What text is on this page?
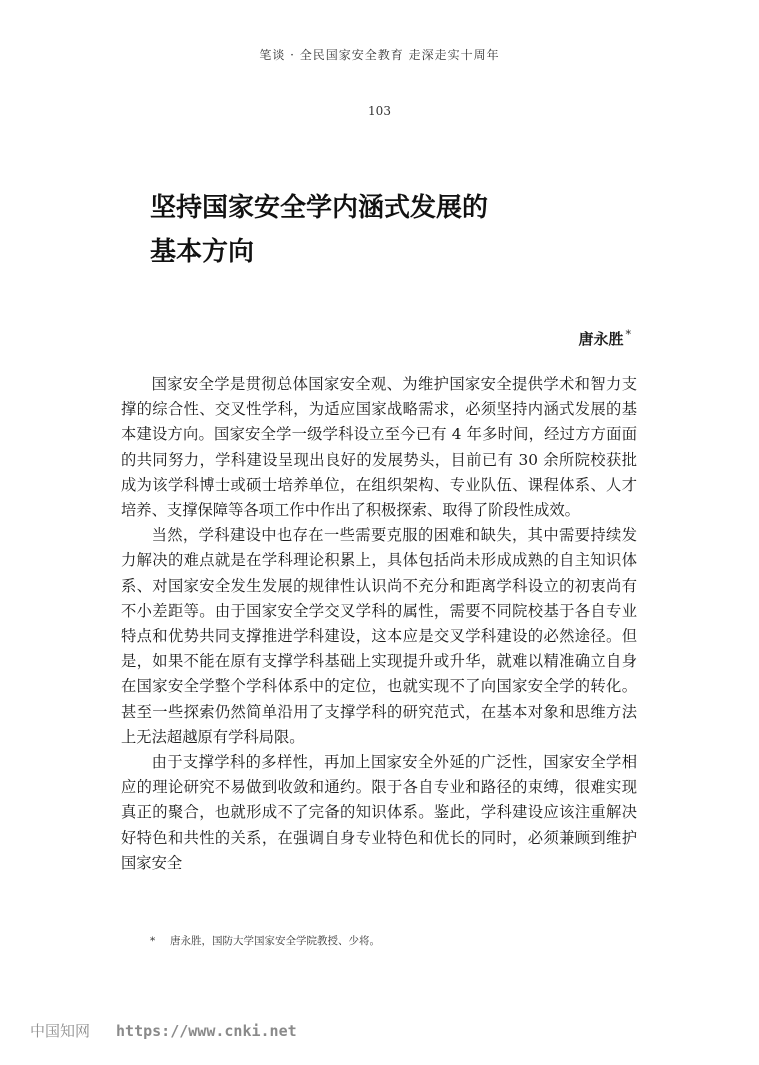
笔谈 · 全民国家安全教育 走深走实十周年
103
坚持国家安全学内涵式发展的
基本方向
唐永胜 *

国家安全学是贯彻总体国家安全观、为维护国家安全提供学术和智力支撑的综合性、交叉性学科，为适应国家战略需求，必须坚持内涵式发展的基本建设方向。国家安全学一级学科设立至今已有 4 年多时间，经过方方面面的共同努力，学科建设呈现出良好的发展势头，目前已有 30 余所院校获批成为该学科博士或硕士培养单位，在组织架构、专业队伍、课程体系、人才培养、支撑保障等各项工作中作出了积极探索、取得了阶段性成效。

当然，学科建设中也存在一些需要克服的困难和缺失，其中需要持续发力解决的难点就是在学科理论积累上，具体包括尚未形成成熟的自主知识体系、对国家安全发生发展的规律性认识尚不充分和距离学科设立的初衷尚有不小差距等。由于国家安全学交叉学科的属性，需要不同院校基于各自专业特点和优势共同支撑推进学科建设，这本应是交叉学科建设的必然途径。但是，如果不能在原有支撑学科基础上实现提升或升华，就难以精准确立自身在国家安全学整个学科体系中的定位，也就实现不了向国家安全学的转化。甚至一些探索仍然简单沿用了支撑学科的研究范式，在基本对象和思维方法上无法超越原有学科局限。

由于支撑学科的多样性，再加上国家安全外延的广泛性，国家安全学相应的理论研究不易做到收敛和通约。限于各自专业和路径的束缚，很难实现真正的聚合，也就形成不了完备的知识体系。鉴此，学科建设应该注重解决好特色和共性的关系，在强调自身专业特色和优长的同时，必须兼顾到维护国家安全

* 唐永胜，国防大学国家安全学院教授、少将。
中国知网 https://www.cnki.net
